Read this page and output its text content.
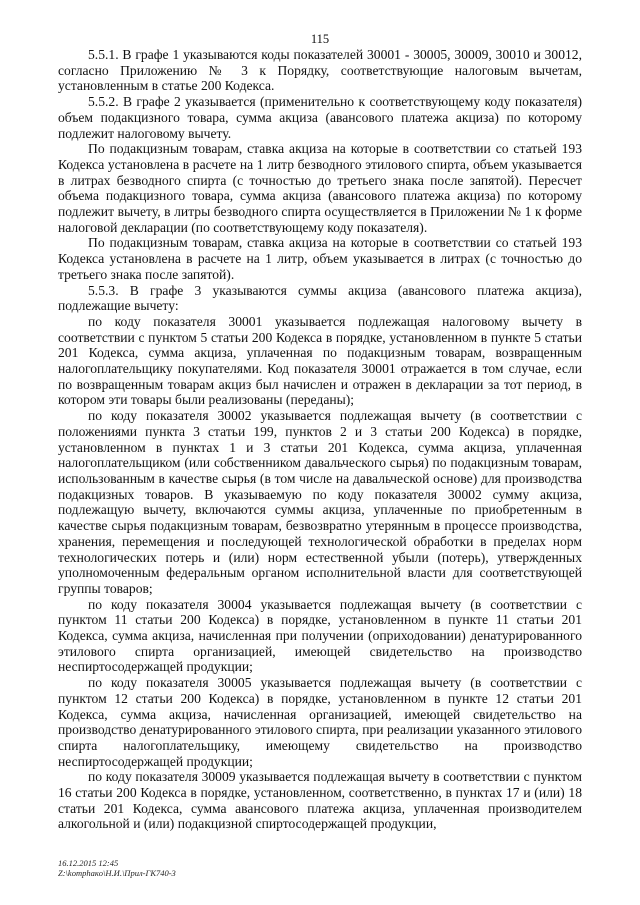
115

5.5.1. В графе 1 указываются коды показателей 30001 - 30005, 30009, 30010 и 30012, согласно Приложению № 3 к Порядку, соответствующие налоговым вычетам, установленным в статье 200 Кодекса.

5.5.2. В графе 2 указывается (применительно к соответствующему коду показателя) объем подакцизного товара, сумма акциза (авансового платежа акциза) по которому подлежит налоговому вычету.

По подакцизным товарам, ставка акциза на которые в соответствии со статьей 193 Кодекса установлена в расчете на 1 литр безводного этилового спирта, объем указывается в литрах безводного спирта (с точностью до третьего знака после запятой). Пересчет объема подакцизного товара, сумма акциза (авансового платежа акциза) по которому подлежит вычету, в литры безводного спирта осуществляется в Приложении № 1 к форме налоговой декларации (по соответствующему коду показателя).

По подакцизным товарам, ставка акциза на которые в соответствии со статьей 193 Кодекса установлена в расчете на 1 литр, объем указывается в литрах (с точностью до третьего знака после запятой).

5.5.3. В графе 3 указываются суммы акциза (авансового платежа акциза), подлежащие вычету:

по коду показателя 30001 указывается подлежащая налоговому вычету в соответствии с пунктом 5 статьи 200 Кодекса в порядке, установленном в пункте 5 статьи 201 Кодекса, сумма акциза, уплаченная по подакцизным товарам, возвращенным налогоплательщику покупателями. Код показателя 30001 отражается в том случае, если по возвращенным товарам акциз был начислен и отражен в декларации за тот период, в котором эти товары были реализованы (переданы);

по коду показателя 30002 указывается подлежащая вычету (в соответствии с положениями пункта 3 статьи 199, пунктов 2 и 3 статьи 200 Кодекса) в порядке, установленном в пунктах 1 и 3 статьи 201 Кодекса, сумма акциза, уплаченная налогоплательщиком (или собственником давальческого сырья) по подакцизным товарам, использованным в качестве сырья (в том числе на давальческой основе) для производства подакцизных товаров. В указываемую по коду показателя 30002 сумму акциза, подлежащую вычету, включаются суммы акциза, уплаченные по приобретенным в качестве сырья подакцизным товарам, безвозвратно утерянным в процессе производства, хранения, перемещения и последующей технологической обработки в пределах норм технологических потерь и (или) норм естественной убыли (потерь), утвержденных уполномоченным федеральным органом исполнительной власти для соответствующей группы товаров;

по коду показателя 30004 указывается подлежащая вычету (в соответствии с пунктом 11 статьи 200 Кодекса) в порядке, установленном в пункте 11 статьи 201 Кодекса, сумма акциза, начисленная при получении (оприходовании) денатурированного этилового спирта организацией, имеющей свидетельство на производство неспиртосодержащей продукции;

по коду показателя 30005 указывается подлежащая вычету (в соответствии с пунктом 12 статьи 200 Кодекса) в порядке, установленном в пункте 12 статьи 201 Кодекса, сумма акциза, начисленная организацией, имеющей свидетельство на производство денатурированного этилового спирта, при реализации указанного этилового спирта налогоплательщику, имеющему свидетельство на производство неспиртосодержащей продукции;

по коду показателя 30009 указывается подлежащая вычету в соответствии с пунктом 16 статьи 200 Кодекса в порядке, установленном, соответственно, в пунктах 17 и (или) 18 статьи 201 Кодекса, сумма авансового платежа акциза, уплаченная производителем алкогольной и (или) подакцизной спиртосодержащей продукции,

16.12.2015 12:45
Z:\komphaкo\Н.И.\Прил-ГК740-3
